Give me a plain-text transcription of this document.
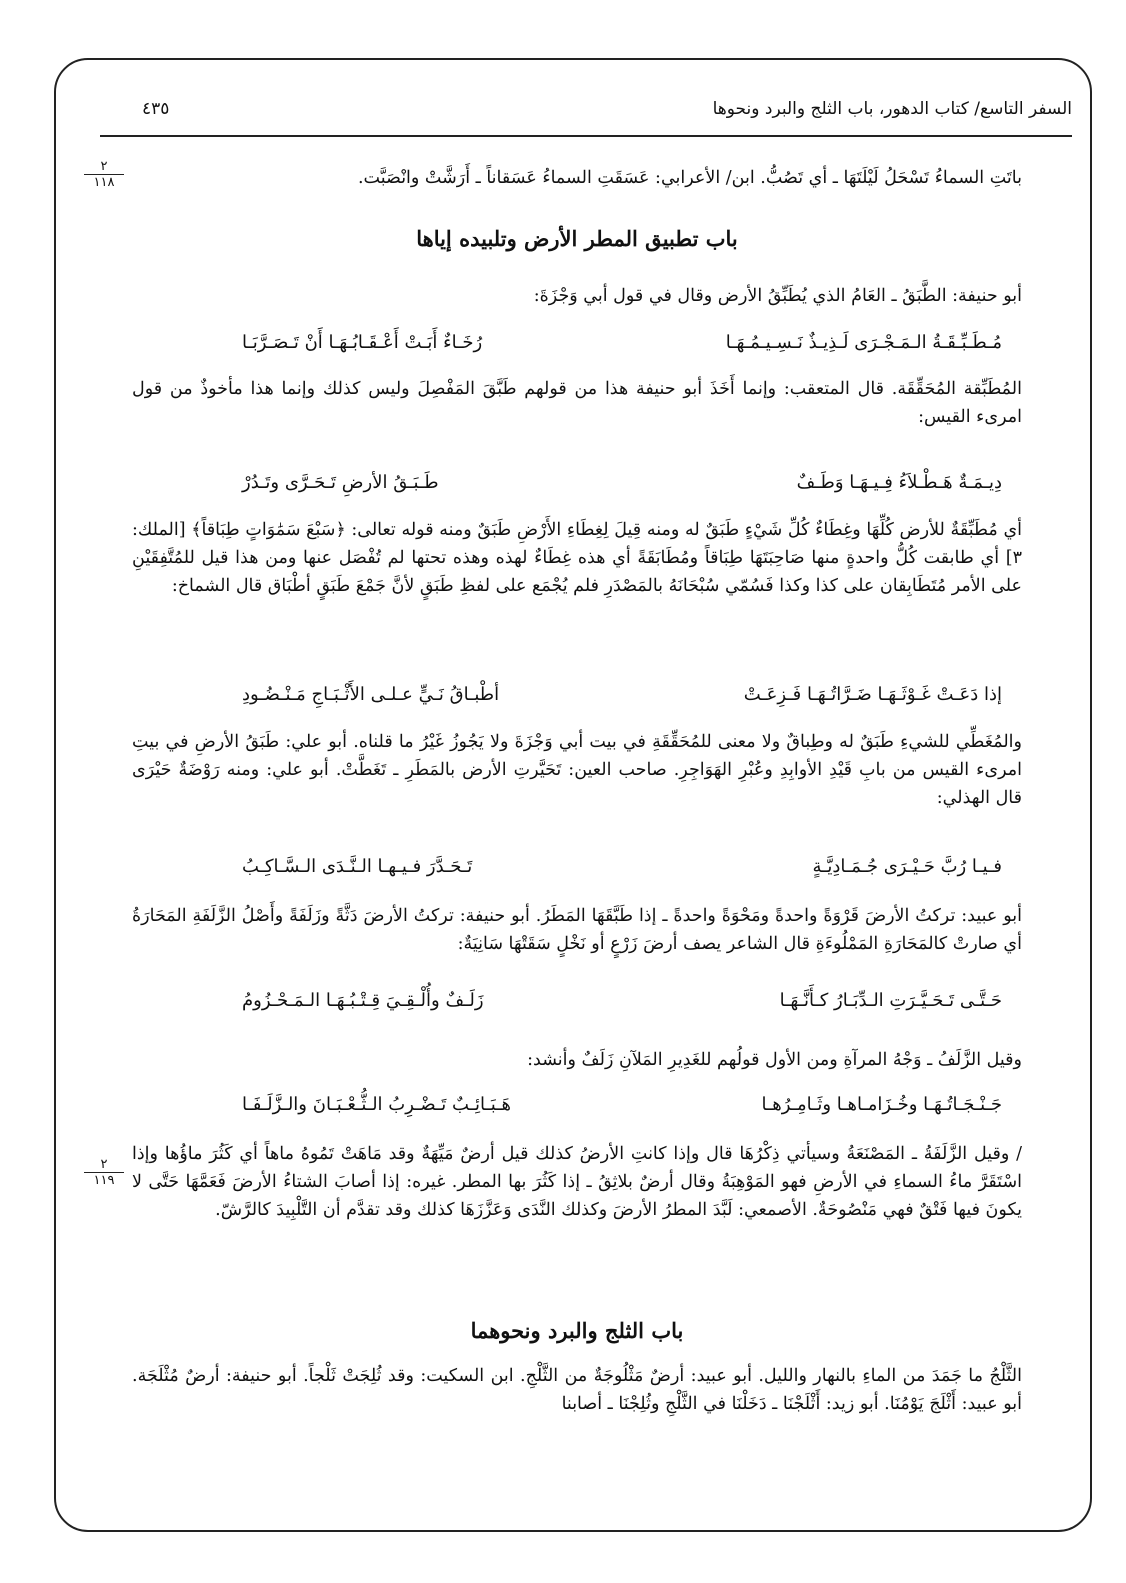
السفر التاسع/ كتاب الدهور، باب الثلج والبرد ونحوها
٤٣٥
٢
١١٨
٢
١١٩
باتَتِ السماءُ تَسْحَلُ لَيْلَتَهَا ـ أي تَصُبُّ. ابن/ الأعرابي: عَسَقَتِ السماءُ عَسَقاناً ـ أَرَشَّتْ وانْصَبَّت.
باب تطبيق المطر الأرض وتلبيده إياها
أبو حنيفة: الطَّبَقُ ـ العَامُ الذي يُطَبِّقُ الأرض وقال في قول أبي وَجْزَةَ:
مُـطَـبِّـقَـةُ الـمَـجْـرَى لَـذِيـذٌ نَـسِـيـمُـهَـا
رُخَـاءٌ أَبَـتْ أَعْـقَـابُـهَـا أَنْ تَـصَـرَّبَـا
المُطَبِّقة المُحَقِّقَة. قال المتعقب: وإنما أَخَذَ أبو حنيفة هذا من قولهم طَبَّقَ المَفْصِلَ وليس كذلك وإنما هذا مأخوذٌ من قول امرىء القيس:
دِيـمَـةٌ هَـطْـلاَءُ فِـيـهَـا وَطَـفٌ
طَـبَـقُ الأرضِ تَـحَـرَّى وتَـدُرْ
أي مُطَبِّقَةٌ للأرض كُلِّهَا وغِطَاءٌ كُلِّ شَيْءٍ طَبَقٌ له ومنه قِيلَ لِغِطَاءِ الأَرْضِ طَبَقٌ ومنه قوله تعالى: ﴿سَبْعَ سَمَٰوَاتٍ طِبَاقاً﴾ [الملك: ٣] أي طابقت كُلُّ واحدةٍ منها صَاحِبَتَهَا طِبَاقاً ومُطَابَقَةً أي هذه غِطَاءٌ لهذه وهذه تحتها لم تُفْصَل عنها ومن هذا قيل للمُتَّفِقَيْنِ على الأمر مُتَطَابِقان على كذا وكذا فَسُمّي سُبْحَانَهُ بالمَصْدَرِ فلم يُجْمَع على لفظِ طَبَقٍ لأنَّ جَمْعَ طَبَقٍ أطْبَاق قال الشماخ:
إذا دَعَـتْ غَـوْثَـهَـا ضَـرَّاتُـهَـا فَـزِعَـتْ
أطْبـاقُ نَـيٍّ عـلـى الأَثْـبَـاجِ مَـنْـضُـودِ
والمُغَطِّي للشيءِ طَبَقٌ له وطِباقٌ ولا معنى للمُحَقِّقَةِ في بيت أبي وَجْزَةَ ولا يَجُوزُ غَيْرُ ما قلناه. أبو علي: طَبَقُ الأرضِ في بيتِ امرىء القيس من بابِ قَيْدِ الأوابِدِ وعُبْرِ الهَوَاجِرِ. صاحب العين: تَحَيَّرتِ الأرض بالمَطَرِ ـ تَغَطَّتْ. أبو علي: ومنه رَوْضَةٌ حَيْرَى قال الهذلي:
فـيـا رُبَّ حَـيْـرَى جُـمَـادِيَّـةٍ
تَـحَـدَّرَ فـيـهـا الـنَّـدَى الـسَّـاكِـبُ
أبو عبيد: تركتُ الأرضَ قَرْوَةً واحدةً ومَحْوَةً واحدةً ـ إذا طَبَّقَهَا المَطَرُ. أبو حنيفة: تركتُ الأرضَ دَثَّةً وزَلَفَةً وأَصْلُ الزَّلَفَةِ المَحَارَةُ أي صارتْ كالمَحَارَةِ المَمْلُوءَةِ قال الشاعر يصف أرضَ زَرْعٍ أو نَخْلٍ سَقَتْهَا سَانِيَةٌ:
حَـتَّـى تَـحَـيَّـرَتِ الـدِّبَـارُ كـأَنَّـهَـا
زَلَـفٌ وأُلْـقِـيَ قِـتْـبُـهَـا الـمَـحْـزُومُ
وقيل الزَّلَفُ ـ وَجْهُ المرآةِ ومن الأول قولُهم للغَدِيرِ المَلآنِ زَلَفٌ وأنشد:
جَـنْـجَـاتُـهَـا وخُـزَامـاهـا وثَـامِـرُهـا
هَـبَـائِـبٌ تَـضْـرِبُ الـثُّـعْـبَـانَ والـزَّلَـفَـا
/ وقيل الزَّلَفَةُ ـ المَصْنَعَةُ وسيأتي ذِكْرُهَا قال وإذا كانتِ الأرضُ كذلك قيل أرضٌ مَيِّهَةٌ وقد مَاهَتْ تَمُوهُ ماهاً أي كَثُرَ ماؤُها وإذا اسْتَقَرَّ ماءُ السماءِ في الأرضِ فهو المَوْهِبَةُ وقال أرضٌ بلاثِقُ ـ إذا كَثُرَ بها المطر. غيره: إذا أصابَ الشتاءُ الأرضَ فَعَمَّهَا حَتَّى لا يكونَ فيها فَتْقٌ فهي مَنْصُوحَةٌ. الأصمعي: لَبَّدَ المطرُ الأرضَ وكذلك النَّدَى وَعَزَّزَهَا كذلك وقد تقدَّم أن التَّلْبِيدَ كالرَّشّ.
باب الثلج والبرد ونحوهما
الثَّلْجُ ما جَمَدَ من الماءِ بالنهار والليل. أبو عبيد: أرضٌ مَثْلُوجَةٌ من الثَّلْجِ. ابن السكيت: وقد ثُلِجَتْ ثَلْجاً. أبو حنيفة: أرضٌ مُثْلَجَة. أبو عبيد: أَثْلَجَ يَوْمُنَا. أبو زيد: أَثْلَجْنَا ـ دَخَلْنَا في الثَّلْجِ وثُلِجْنَا ـ أصابنا
